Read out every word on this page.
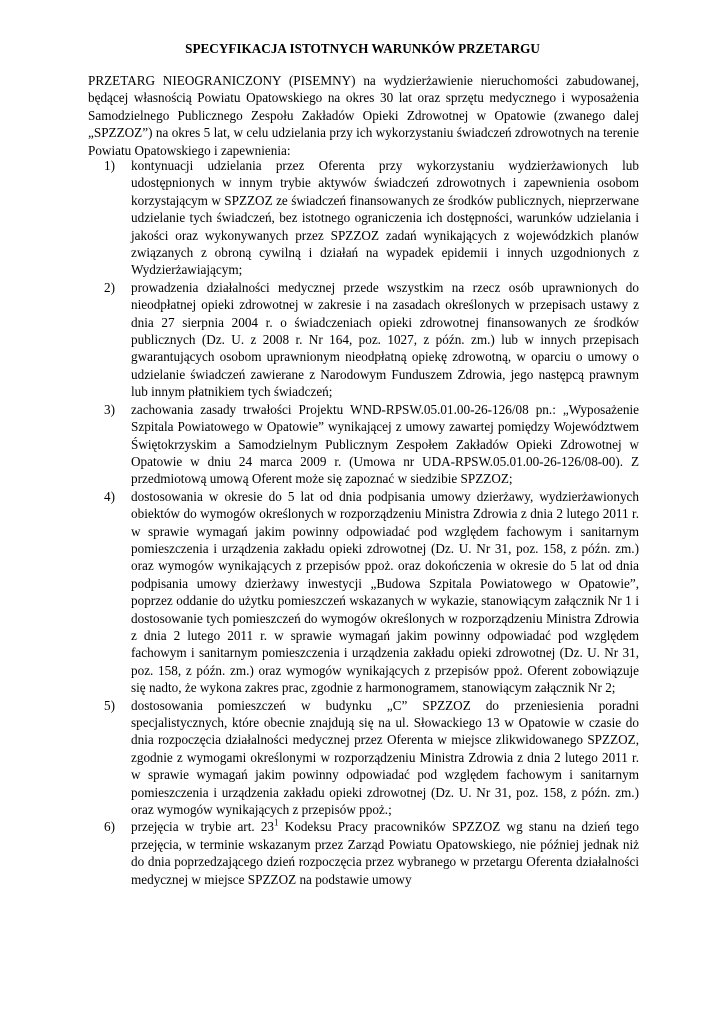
SPECYFIKACJA ISTOTNYCH WARUNKÓW PRZETARGU

PRZETARG NIEOGRANICZONY (PISEMNY) na wydzierżawienie nieruchomości zabudowanej, będącej własnością Powiatu Opatowskiego na okres 30 lat oraz sprzętu medycznego i wyposażenia Samodzielnego Publicznego Zespołu Zakładów Opieki Zdrowotnej w Opatowie (zwanego dalej „SPZZOZ”) na okres 5 lat, w celu udzielania przy ich wykorzystaniu świadczeń zdrowotnych na terenie Powiatu Opatowskiego i zapewnienia:

1) kontynuacji udzielania przez Oferenta przy wykorzystaniu wydzierżawionych lub udostępnionych w innym trybie aktywów świadczeń zdrowotnych i zapewnienia osobom korzystającym w SPZZOZ ze świadczeń finansowanych ze środków publicznych, nieprzerwane udzielanie tych świadczeń, bez istotnego ograniczenia ich dostępności, warunków udzielania i jakości oraz wykonywanych przez SPZZOZ zadań wynikających z wojewódzkich planów związanych z obroną cywilną i działań na wypadek epidemii i innych uzgodnionych z Wydzierżawiającym;
2) prowadzenia działalności medycznej przede wszystkim na rzecz osób uprawnionych do nieodpłatnej opieki zdrowotnej w zakresie i na zasadach określonych w przepisach ustawy z dnia 27 sierpnia 2004 r. o świadczeniach opieki zdrowotnej finansowanych ze środków publicznych (Dz. U. z 2008 r. Nr 164, poz. 1027, z późn. zm.) lub w innych przepisach gwarantujących osobom uprawnionym nieodpłatną opiekę zdrowotną, w oparciu o umowy o udzielanie świadczeń zawierane z Narodowym Funduszem Zdrowia, jego następcą prawnym lub innym płatnikiem tych świadczeń;
3) zachowania zasady trwałości Projektu WND-RPSW.05.01.00-26-126/08 pn.: „Wyposażenie Szpitala Powiatowego w Opatowie” wynikającej z umowy zawartej pomiędzy Województwem Świętokrzyskim a Samodzielnym Publicznym Zespołem Zakładów Opieki Zdrowotnej w Opatowie w dniu 24 marca 2009 r. (Umowa nr UDA-RPSW.05.01.00-26-126/08-00). Z przedmiotową umową Oferent może się zapoznać w siedzibie SPZZOZ;
4) dostosowania w okresie do 5 lat od dnia podpisania umowy dzierżawy, wydzierżawionych obiektów do wymogów określonych w rozporządzeniu Ministra Zdrowia z dnia 2 lutego 2011 r. w sprawie wymagań jakim powinny odpowiadać pod względem fachowym i sanitarnym pomieszczenia i urządzenia zakładu opieki zdrowotnej (Dz. U. Nr 31, poz. 158, z późn. zm.) oraz wymogów wynikających z przepisów ppoż. oraz dokończenia w okresie do 5 lat od dnia podpisania umowy dzierżawy inwestycji „Budowa Szpitala Powiatowego w Opatowie”, poprzez oddanie do użytku pomieszczeń wskazanych w wykazie, stanowiącym załącznik Nr 1 i dostosowanie tych pomieszczeń do wymogów określonych w rozporządzeniu Ministra Zdrowia z dnia 2 lutego 2011 r. w sprawie wymagań jakim powinny odpowiadać pod względem fachowym i sanitarnym pomieszczenia i urządzenia zakładu opieki zdrowotnej (Dz. U. Nr 31, poz. 158, z późn. zm.) oraz wymogów wynikających z przepisów ppoż. Oferent zobowiązuje się nadto, że wykona zakres prac, zgodnie z harmonogramem, stanowiącym załącznik Nr 2;
5) dostosowania pomieszczeń w budynku „C” SPZZOZ do przeniesienia poradni specjalistycznych, które obecnie znajdują się na ul. Słowackiego 13 w Opatowie w czasie do dnia rozpoczęcia działalności medycznej przez Oferenta w miejsce zlikwidowanego SPZZOZ, zgodnie z wymogami określonymi w rozporządzeniu Ministra Zdrowia z dnia 2 lutego 2011 r. w sprawie wymagań jakim powinny odpowiadać pod względem fachowym i sanitarnym pomieszczenia i urządzenia zakładu opieki zdrowotnej (Dz. U. Nr 31, poz. 158, z późn. zm.) oraz wymogów wynikających z przepisów ppoż.;
6) przejęcia w trybie art. $23^1$ Kodeksu Pracy pracowników SPZZOZ wg stanu na dzień tego przejęcia, w terminie wskazanym przez Zarząd Powiatu Opatowskiego, nie później jednak niż do dnia poprzedzającego dzień rozpoczęcia przez wybranego w przetargu Oferenta działalności medycznej w miejsce SPZZOZ na podstawie umowy
